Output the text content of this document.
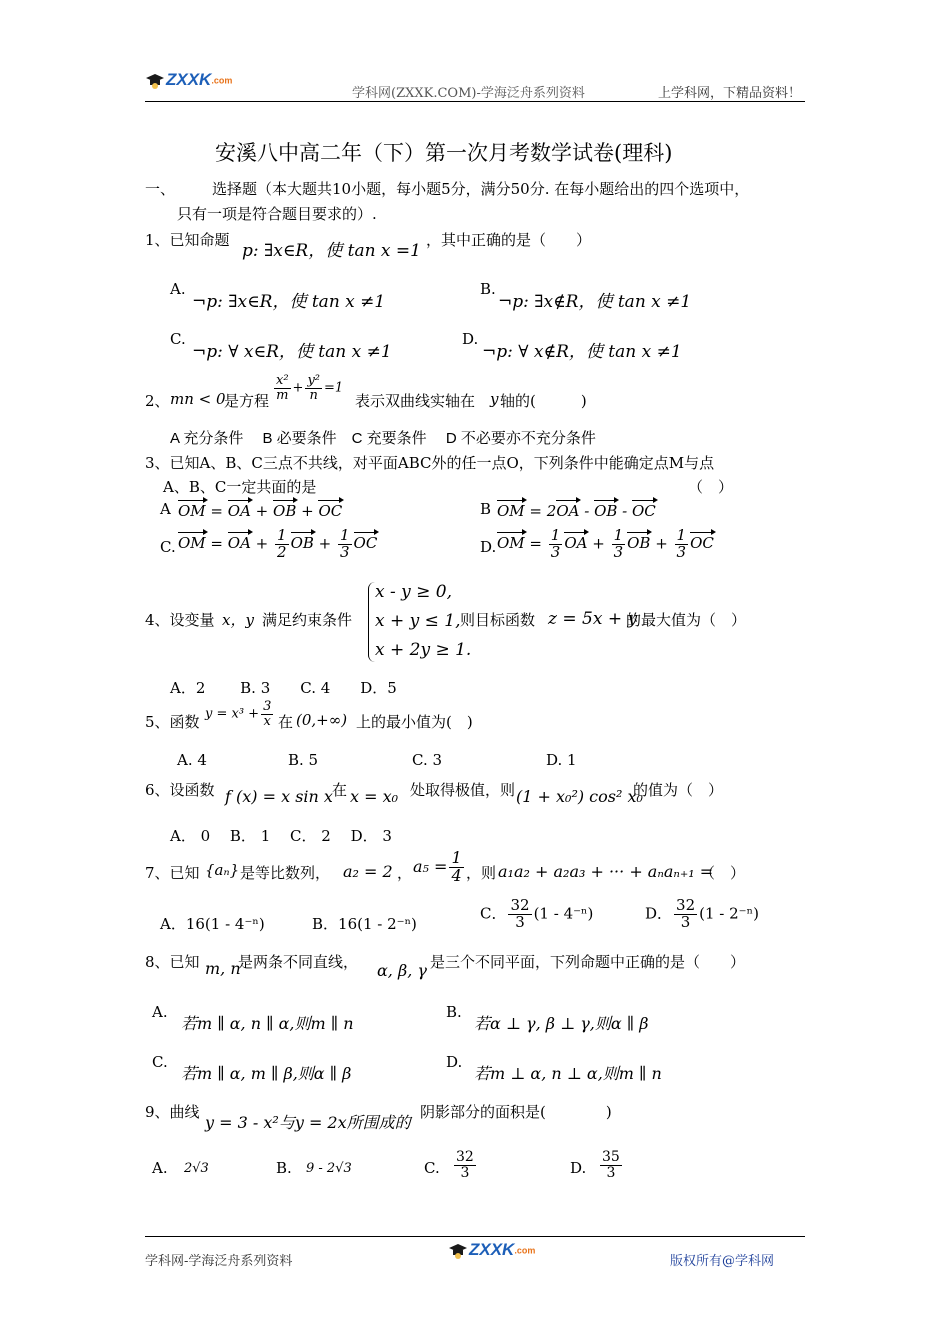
ZXXK.com
学科网(ZXXK.COM)-学海泛舟系列资料	上学科网，下精品资料！
安溪八中高二年（下）第一次月考数学试卷(理科)
一、 选择题（本大题共10小题，每小题5分，满分50分. 在每小题给出的四个选项中，
只有一项是符合题目要求的）.
1、已知命题
p: ∃x∈R，使 tan x =1
，其中正确的是（　　）
A.
¬p: ∃x∈R，使 tan x ≠1
B.
¬p: ∃x∉R，使 tan x ≠1
C.
¬p: ∀ x∈R，使 tan x ≠1
D.
¬p: ∀ x∉R，使 tan x ≠1
2、 mn < 0
是方程 $\frac{\text{x²}}{m} + \frac{\text{y²}}{n} =1$
表示双曲线实轴在 y 轴的(　　　)
A 充分条件　 B 必要条件　C 充要条件　 D 不必要亦不充分条件
3、已知A、B、C三点不共线，对平面ABC外的任一点O，下列条件中能确定点M与点
A、B、C一定共面的是	（　）
A OM = OA + OB + OC	B OM = 2OA - OB - OC
C. OM = OA + $\frac{1}{2}$ OB + $\frac{1}{3}$ OC	D. OM = $\frac{1}{3}$ OA + $\frac{1}{3}$ OB + $\frac{1}{3}$ OC
4、设变量 x，y 满足约束条件
x - y ≥ 0,
x + y ≤ 1,
x + 2y ≥ 1.
则目标函数 z = 5x + y
的最大值为（　）
A．2　　 B. 3　　C. 4　　D．5
5、函数 $y = x^3 + \frac{3}{x}$ 在 (0,+∞) 上的最小值为(　)
A. 4	B. 5	C. 3	D. 1
6、设函数 f (x) = x sin x 在 x = x₀ 处取得极值，则 (1 + x₀²) cos² x₀
的值为（　）
A． 0　 B． 1　 C． 2　 D． 3
7、已知 {aₙ} 是等比数列， a₂ = 2 ， $a_5 = \frac{1}{4}$ ，则 a₁a₂ + a₂a₃ + ··· + aₙaₙ₊₁ =
（　）
A．16(1 - 4⁻ⁿ)	B．16(1 - 2⁻ⁿ)
C． $\frac{32}{3} (1 - 4^{-n})$	D． $\frac{32}{3} (1 - 2^{-n})$
8、已知 m, n
是两条不同直线， α, β, γ 是三个不同平面，下列命题中正确的是（　　）
A.
若m ∥ α, n ∥ α,则m ∥ n
B.
若α ⊥ γ, β ⊥ γ,则α ∥ β
C.
若m ∥ α, m ∥ β,则α ∥ β
D.
若m ⊥ α, n ⊥ α,则m ∥ n
9、曲线
y = 3 - x²与y = 2x所围成的
阴影部分的面积是(　　　　)
A. 2√3	B. 9 - 2√3	C. $\frac{32}{3}$	D. $\frac{35}{3}$
学科网-学海泛舟系列资料
ZXXK.com
版权所有@学科网
